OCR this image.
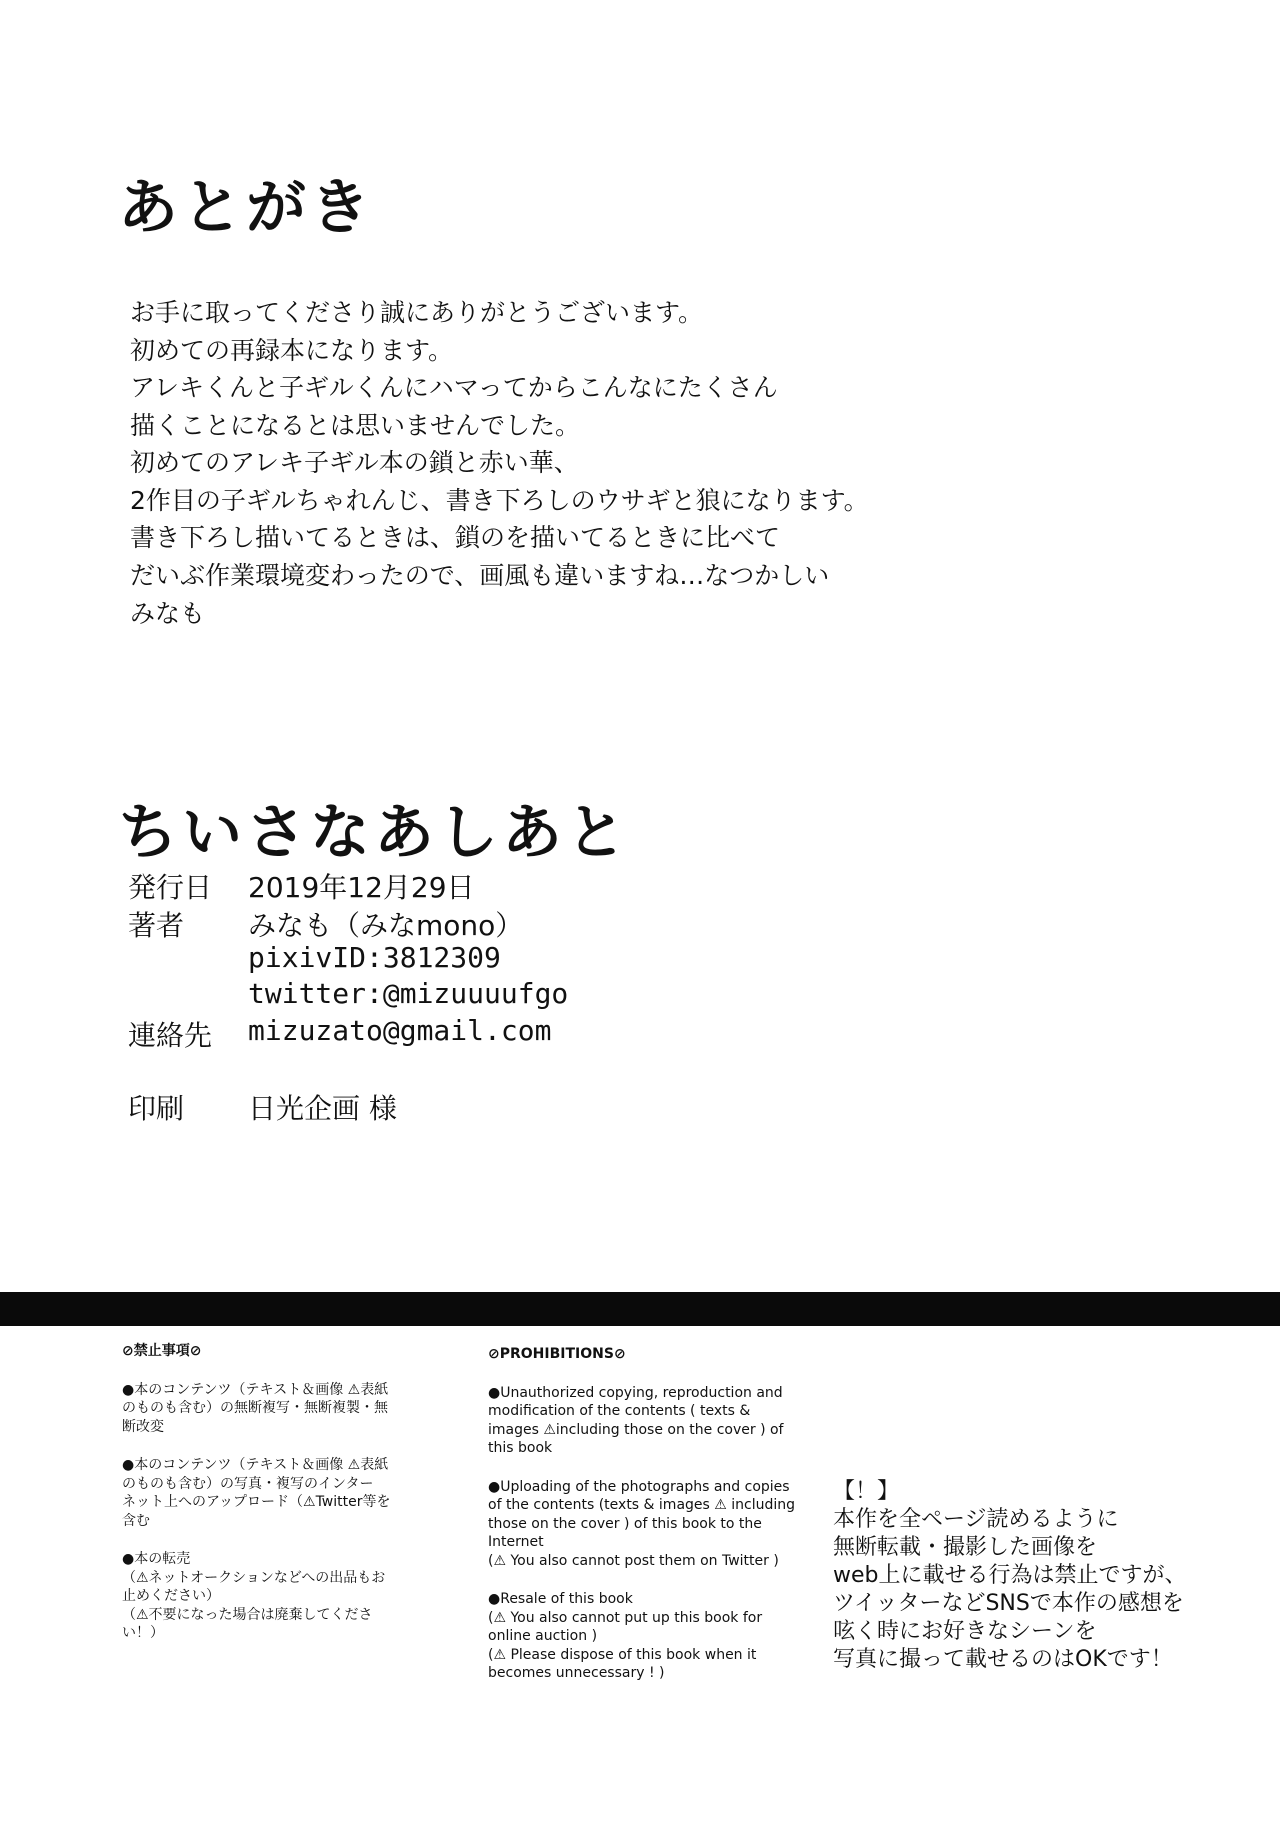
あとがき
お手に取ってくださり誠にありがとうございます。
初めての再録本になります。
アレキくんと子ギルくんにハマってからこんなにたくさん
描くことになるとは思いませんでした。
初めてのアレキ子ギル本の鎖と赤い華、
2作目の子ギルちゃれんじ、書き下ろしのウサギと狼になります。
書き下ろし描いてるときは、鎖のを描いてるときに比べて
だいぶ作業環境変わったので、画風も違いますね…なつかしい
みなも
ちいさなあしあと
発行日 2019年12月29日
著者 みなも（みなmono）
pixivID:3812309
twitter:@mizuuuufgo
連絡先 mizuzato@gmail.com
印刷 日光企画 様
⊘禁止事項⊘
●本のコンテンツ（テキスト＆画像 ⚠表紙
のものも含む）の無断複写・無断複製・無
断改変
●本のコンテンツ（テキスト＆画像 ⚠表紙
のものも含む）の写真・複写のインター
ネット上へのアップロード（⚠Twitter等を
含む
●本の転売
（⚠ネットオークションなどへの出品もお
止めください）
（⚠不要になった場合は廃棄してくださ
い！）
⊘PROHIBITIONS⊘
●Unauthorized copying, reproduction and
modification of the contents ( texts &
images ⚠including those on the cover ) of
this book
●Uploading of the photographs and copies
of the contents (texts & images ⚠ including
those on the cover ) of this book to the
Internet
(⚠ You also cannot post them on Twitter )
●Resale of this book
(⚠ You also cannot put up this book for
online auction )
(⚠ Please dispose of this book when it
becomes unnecessary ! )
【！】
本作を全ページ読めるように
無断転載・撮影した画像を
web上に載せる行為は禁止ですが、
ツイッターなどSNSで本作の感想を
呟く時にお好きなシーンを
写真に撮って載せるのはOKです！
